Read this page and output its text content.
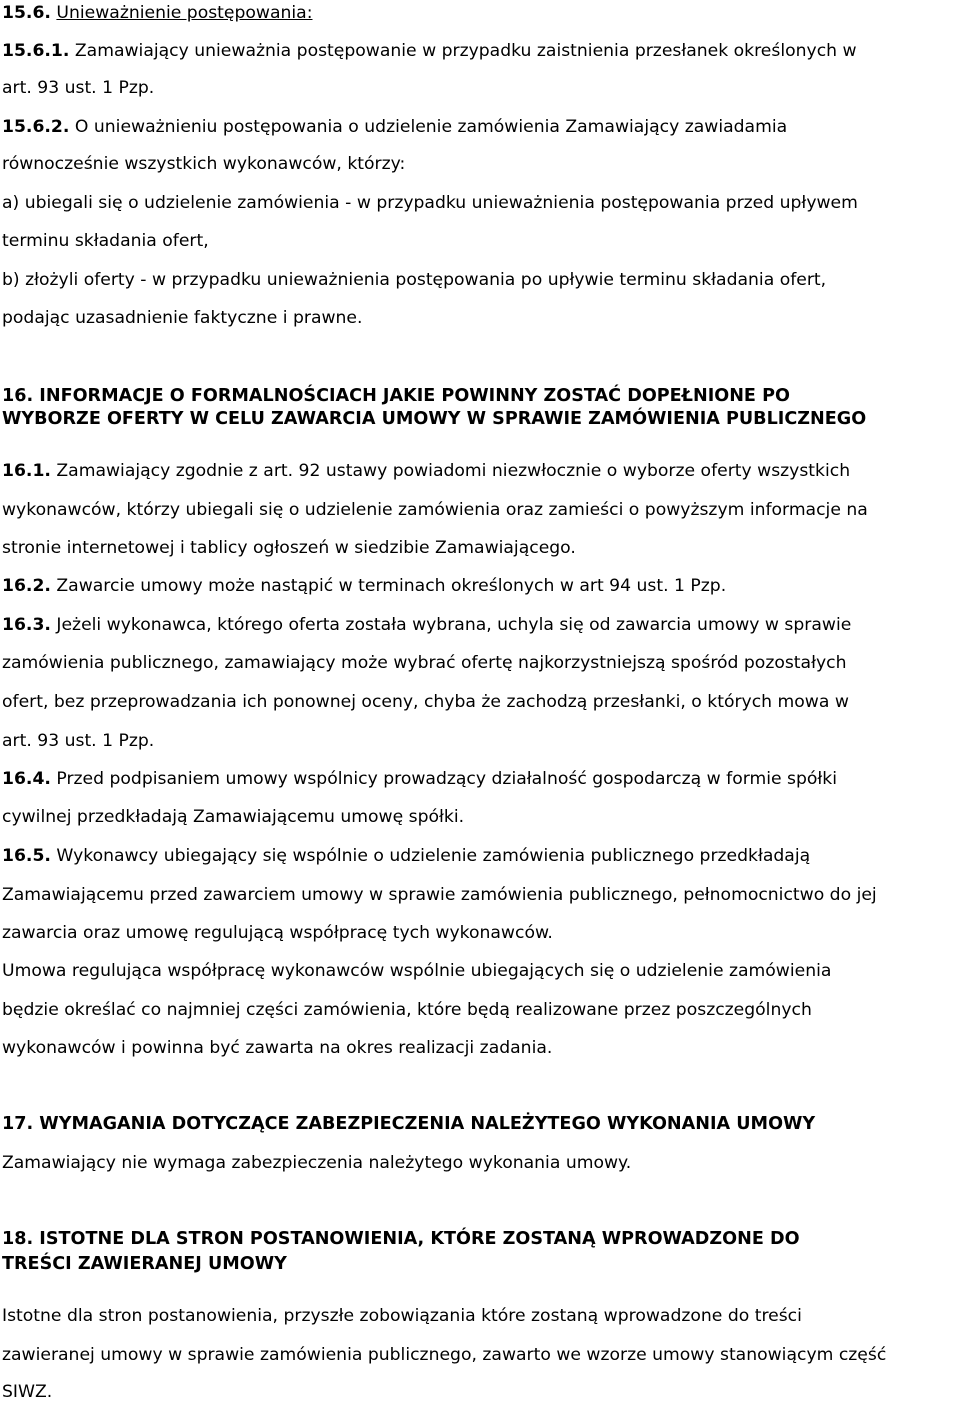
15.6. Unieważnienie postępowania:
15.6.1. Zamawiający unieważnia postępowanie w przypadku zaistnienia przesłanek określonych w
art. 93 ust. 1 Pzp.
15.6.2. O unieważnieniu postępowania o udzielenie zamówienia Zamawiający zawiadamia
równocześnie wszystkich wykonawców, którzy:
a) ubiegali się o udzielenie zamówienia - w przypadku unieważnienia postępowania przed upływem
terminu składania ofert,
b) złożyli oferty - w przypadku unieważnienia postępowania po upływie terminu składania ofert,
podając uzasadnienie faktyczne i prawne.
16. INFORMACJE O FORMALNOŚCIACH JAKIE POWINNY ZOSTAĆ DOPEŁNIONE PO
WYBORZE OFERTY W CELU ZAWARCIA UMOWY W SPRAWIE ZAMÓWIENIA PUBLICZNEGO
16.1. Zamawiający zgodnie z art. 92 ustawy powiadomi niezwłocznie o wyborze oferty wszystkich
wykonawców, którzy ubiegali się o udzielenie zamówienia oraz zamieści o powyższym informacje na
stronie internetowej i tablicy ogłoszeń w siedzibie Zamawiającego.
16.2. Zawarcie umowy może nastąpić w terminach określonych w art 94 ust. 1 Pzp.
16.3. Jeżeli wykonawca, którego oferta została wybrana, uchyla się od zawarcia umowy w sprawie
zamówienia publicznego, zamawiający może wybrać ofertę najkorzystniejszą spośród pozostałych
ofert, bez przeprowadzania ich ponownej oceny, chyba że zachodzą przesłanki, o których mowa w
art. 93 ust. 1 Pzp.
16.4. Przed podpisaniem umowy wspólnicy prowadzący działalność gospodarczą w formie spółki
cywilnej przedkładają Zamawiającemu umowę spółki.
16.5. Wykonawcy ubiegający się wspólnie o udzielenie zamówienia publicznego przedkładają
Zamawiającemu przed zawarciem umowy w sprawie zamówienia publicznego, pełnomocnictwo do jej
zawarcia oraz umowę regulującą współpracę tych wykonawców.
Umowa regulująca współpracę wykonawców wspólnie ubiegających się o udzielenie zamówienia
będzie określać co najmniej części zamówienia, które będą realizowane przez poszczególnych
wykonawców i powinna być zawarta na okres realizacji zadania.
17. WYMAGANIA DOTYCZĄCE ZABEZPIECZENIA NALEŻYTEGO WYKONANIA UMOWY
Zamawiający nie wymaga zabezpieczenia należytego wykonania umowy.
18. ISTOTNE DLA STRON POSTANOWIENIA, KTÓRE ZOSTANĄ WPROWADZONE DO
TREŚCI ZAWIERANEJ UMOWY
Istotne dla stron postanowienia, przyszłe zobowiązania które zostaną wprowadzone do treści
zawieranej umowy w sprawie zamówienia publicznego, zawarto we wzorze umowy stanowiącym część
SIWZ.
